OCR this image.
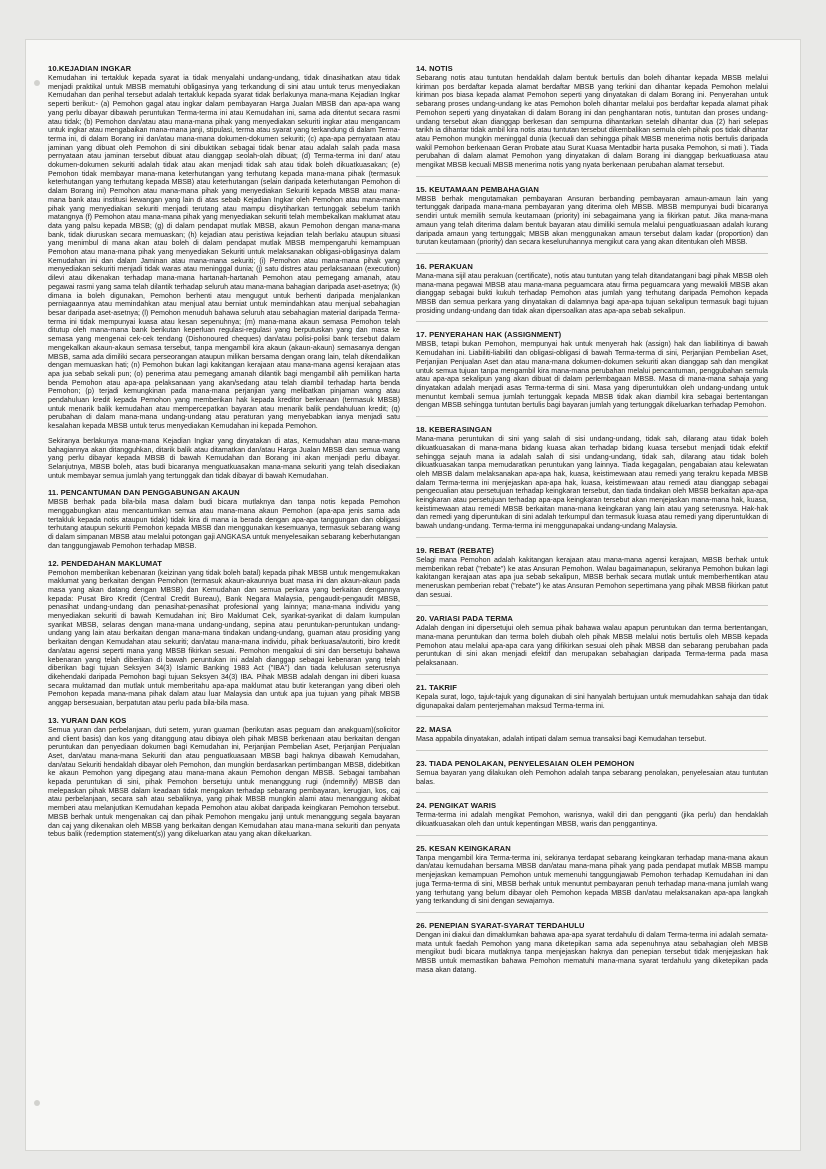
10.KEJADIAN INGKAR

Kemudahan ini tertakluk kepada syarat ia tidak menyalahi undang-undang, tidak dinasihatkan atau tidak menjadi praktikal untuk MBSB mematuhi obligasinya yang terkandung di sini atau untuk terus menyediakan Kemudahan dan perihal tersebut adalah tertakluk kepada syarat tidak berlakunya mana-mana Kejadian Ingkar seperti berikut:- (a) Pemohon gagal atau ingkar dalam pembayaran Harga Jualan MBSB dan apa-apa wang yang perlu dibayar dibawah peruntukan Terma-terma ini atau Kemudahan ini, sama ada ditentut secara rasmi atau tidak; (b) Pemohon dan/atau atau mana-mana pihak yang menyediakan sekuriti ingkar atau mengancam untuk ingkar atau mengabaikan mana-mana janji, stipulasi, terma atau syarat yang terkandung di dalam Terma-terma ini, di dalam Borang ini dan/atau mana-mana dokumen-dokumen sekuriti; (c) apa-apa pernyataan atau jaminan yang dibuat oleh Pemohon di sini dibuktikan sebagai tidak benar atau adalah salah pada masa pernyataan atau jaminan tersebut dibuat atau dianggap seolah-olah dibuat; (d) Terma-terma ini dan/ atau dokumen-dokumen sekuriti adalah tidak atau akan menjadi tidak sah atau tidak boleh dikuatkuasakan; (e) Pemohon tidak membayar mana-mana keterhutangan yang terhutang kepada mana-mana pihak (termasuk keterhutangan yang terhutang kepada MBSB) atau keterhutangan (selain daripada keterhutangan Pemohon di dalam Borang ini) Pemohon atau mana-mana pihak yang menyediakan Sekuriti kepada MBSB atau mana-mana bank atau institusi kewangan yang lain di atas sebab Kejadian Ingkar oleh Pemohon atau mana-mana pihak yang menyediakan sekuriti menjadi terutang atau mampu diisytiharkan tertunggak sebelum tarikh matangnya (f) Pemohon atau mana-mana pihak yang menyediakan sekuriti telah membekalkan maklumat atau data yang palsu kepada MBSB; (g) di dalam pendapat mutlak MBSB, akaun Pemohon dengan mana-mana bank, tidak diuruskan secara memuaskan; (h) kejadian atau peristiwa kejadian telah berlaku ataupun situasi yang menimbul di mana akan atau boleh di dalam pendapat mutlak MBSB mempengaruhi kemampuan Pemohon atau mana-mana pihak yang menyediakan Sekuriti untuk melaksanakan obligasi-obligasinya dalam Kemudahan ini dan dalam Jaminan atau mana-mana sekuriti; (i) Pemohon atau mana-mana pihak yang menyediakan sekuriti menjadi tidak waras atau meninggal dunia; (j) satu distres atau perlaksanaan (execution) dilevi atau dikenakan terhadap mana-mana hartanah-hartanah Pemohon atau pemegang amanah, atau pegawai rasmi yang sama telah dilantik terhadap seluruh atau mana-mana bahagian daripada aset-asetnya; (k) dimana ia boleh digunakan, Pemohon berhenti atau mengugut untuk berhenti daripada menjalankan perniagaannya atau memindahkan atau menjual atau berniat untuk memindahkan atau menjual sebahagian besar daripada aset-asetnya; (l) Pemohon menuduh bahawa seluruh atau sebahagian material daripada Terma-terma ini tidak mempunyai kuasa atau kesan sepenuhnya; (m) mana-mana akaun semasa Pemohon telah ditutup oleh mana-mana bank berikutan keperluan regulasi-regulasi yang berputuskan yang dan masa ke semasa yang mengenai cek-cek tendang (Dishonoured cheques) dan/atau polisi-polisi bank tersebut dalam mengekalkan akaun-akaun semasa tersebut, tanpa mengambil kira akaun (akaun-akaun) semasanya dengan MBSB, sama ada dimiliki secara perseorangan ataupun milikan bersama dengan orang lain, telah dikendalikan dengan memuaskan hati; (n) Pemohon bukan lagi kakitangan kerajaan atau mana-mana agensi kerajaan atas apa jua sebab sekali pun; (o) penerima atau pemegang amanah dilantik bagi mengambil alih pemilikan harta benda Pemohon atau apa-apa pelaksanaan yang akan/sedang atau telah diambil terhadap harta benda Pemohon; (p) terjadi kemungkinan pada mana-mana perjanjian yang melibatkan pinjaman wang atau pendahuluan kredit kepada Pemohon yang memberikan hak kepada kreditor berkenaan (termasuk MBSB) untuk menarik balik kemudahan atau mempercepatkan bayaran atau menarik balik pendahuluan kredit; (q) perubahan di dalam mana-mana undang-undang atau peraturan yang menyebabkan ianya menjadi satu kesalahan kepada MBSB untuk terus menyediakan Kemudahan ini kepada Pemohon.

Sekiranya berlakunya mana-mana Kejadian Ingkar yang dinyatakan di atas, Kemudahan atau mana-mana bahagiannya akan ditangguhkan, ditarik balik atau ditamatkan dan/atau Harga Jualan MBSB dan semua wang yang perlu dibayar kepada MBSB di bawah Kemudahan dan Borang ini akan menjadi perlu dibayar. Selanjutnya, MBSB boleh, atas budi bicaranya menguatkuasakan mana-mana sekuriti yang telah disediakan untuk membayar semua jumlah yang tertunggak dan tidak dibayar di bawah Kemudahan.

11. PENCANTUMAN DAN PENGGABUNGAN AKAUN

MBSB berhak pada bila-bila masa dalam budi bicara mutlaknya dan tanpa notis kepada Pemohon menggabungkan atau mencantumkan semua atau mana-mana akaun Pemohon (apa-apa jenis sama ada tertakluk kepada notis ataupun tidak) tidak kira di mana ia berada dengan apa-apa tanggungan dan obligasi terhutang ataupun sekuriti Pemohon kepada MBSB dan menggunakan kesemuanya, termasuk sebarang wang di dalam simpanan MBSB atau melalui potongan gaji ANGKASA untuk menyelesaikan sebarang keberhutangan dan tanggungjawab Pemohon terhadap MBSB.

12. PENDEDAHAN MAKLUMAT

Pemohon memberikan kebenaran (keizinan yang tidak boleh batal) kepada pihak MBSB untuk mengemukakan maklumat yang berkaitan dengan Pemohon (termasuk akaun-akaunnya buat masa ini dan akaun-akaun pada masa yang akan datang dengan MBSB) dan Kemudahan dan semua perkara yang berkaitan dengannya kepada: Pusat Biro Kredit (Central Credit Bureau), Bank Negara Malaysia, pengaudit-pengaudit MBSB, penasihat undang-undang dan penasihat-penasihat profesional yang lainnya; mana-mana individu yang menyediakan sekuriti di bawah Kemudahan ini; Biro Maklumat Cek, syarikat-syarikat di dalam kumpulan syarikat MBSB, selaras dengan mana-mana undang-undang, sepina atau peruntukan-peruntukan undang-undang yang lain atau berkaitan dengan mana-mana tindakan undang-undang, guaman atau prosiding yang berkaitan dengan Kemudahan atau sekuriti; dan/atau mana-mana individu, pihak berkuasa/autoriti, biro kredit dan/atau agensi seperti mana yang MBSB fikirkan sesuai. Pemohon mengakui di sini dan bersetuju bahawa kebenaran yang telah diberikan di bawah peruntukan ini adalah dianggap sebagai kebenaran yang telah diberikan bagi tujuan Seksyen 34(3) Islamic Banking 1983 Act ("IBA") dan tiada kelulusan seterusnya dikehendaki daripada Pemohon bagi tujuan Seksyen 34(3) IBA. Pihak MBSB adalah dengan ini diberi kuasa secara muktamad dan mutlak untuk memberitahu apa-apa maklumat atau butir keterangan yang diberi oleh Pemohon kepada mana-mana pihak dalam atau luar Malaysia dan untuk apa jua tujuan yang pihak MBSB anggap bersesuaian, berpatutan atau perlu pada bila-bila masa.

13. YURAN DAN KOS

Semua yuran dan perbelanjaan, duti setem, yuran guaman (berikutan asas peguam dan anakguam)(solicitor and client basis) dan kos yang ditanggung atau dibiaya oleh pihak MBSB berkenaan atau berkaitan dengan peruntukan dan penyediaan dokumen bagi Kemudahan ini, Perjanjian Pembelian Aset, Perjanjian Penjualan Aset, dan/atau mana-mana Sekuriti dan atau penguatkuasaan MBSB bagi haknya dibawah Kemudahan, dan/atau Sekuriti hendaklah dibayar oleh Pemohon, dan mungkin berdasarkan pertimbangan MBSB, didebitkan ke akaun Pemohon yang dipegang atau mana-mana akaun Pemohon dengan MBSB. Sebagai tambahan kepada peruntukan di sini, pihak Pemohon bersetuju untuk menanggung rugi (indemnify) MBSB dan melepaskan pihak MBSB dalam keadaan tidak mengakan terhadap sebarang pembayaran, kerugian, kos, caj atau perbelanjaan, secara sah atau sebaliknya, yang pihak MBSB mungkin alami atau menanggung akibat memberi atau melanjutkan Kemudahan kepada Pemohon atau akibat daripada keingkaran Pemohon tersebut. MBSB berhak untuk mengenakan caj dan pihak Pemohon mengaku janji untuk menanggung segala bayaran dan caj yang dikenakan oleh MBSB yang berkaitan dengan Kemudahan atau mana-mana sekuriti dan penyata tebus balik (redemption statement(s)) yang dikeluarkan atau yang akan dikeluarkan.

14. NOTIS

Sebarang notis atau tuntutan hendaklah dalam bentuk bertulis dan boleh dihantar kepada MBSB melalui kiriman pos berdaftar kepada alamat berdaftar MBSB yang terkini dan dihantar kepada Pemohon melalui kiriman pos biasa kepada alamat Pemohon seperti yang dinyatakan di dalam Borang ini. Penyerahan untuk sebarang proses undang-undang ke atas Pemohon boleh dihantar melalui pos berdaftar kepada alamat pihak Pemohon seperti yang dinyatakan di dalam Borang ini dan penghantaran notis, tuntutan dan proses undang-undang tersebut akan dianggap berkesan dan sempurna dihantarkan setelah dihantar dua (2) hari selepas tarikh ia dihantar tidak ambil kira notis atau tuntutan tersebut dikembalikan semula oleh pihak pos tidak dihantar atau Pemohon mungkin meninggal dunia (kecuali dan sehingga pihak MBSB menerima notis bertulis daripada wakil Pemohon berkenaan Geran Probate atau Surat Kuasa Mentadbir harta pusaka Pemohon, si mati ). Tiada perubahan di dalam alamat Pemohon yang dinyatakan di dalam Borang ini dianggap berkuatkuasa atau mengikat MBSB kecuali MBSB menerima notis yang nyata berkenaan perubahan alamat tersebut.

15. KEUTAMAAN PEMBAHAGIAN

MBSB berhak mengutamakan pembayaran Ansuran berbanding pembayaran amaun-amaun lain yang tertunggak daripada mana-mana pembayaran yang diterima oleh MBSB. MBSB mempunyai budi bicaranya sendiri untuk memilih semula keutamaan (priority) ini sebagaimana yang ia fikirkan patut. Jika mana-mana amaun yang telah diterima dalam bentuk bayaran atau dimiliki semula melalui penguatkuasaan adalah kurang daripada amaun yang tertunggak; MBSB akan menggunakan amaun tersebut dalam kadar (proportion) dan turutan keutamaan (priority) dan secara keseluruhannya mengikut cara yang akan ditentukan oleh MBSB.

16. PERAKUAN

Mana-mana sijil atau perakuan (certificate), notis atau tuntutan yang telah ditandatangani bagi pihak MBSB oleh mana-mana pegawai MBSB atau mana-mana peguamcara atau firma peguamcara yang mewakili MBSB akan dianggap sebagai bukti kukuh terhadap Pemohon atas jumlah yang terhutang daripada Pemohon kepada MBSB dan semua perkara yang dinyatakan di dalamnya bagi apa-apa tujuan sekalipun termasuk bagi tujuan prosiding undang-undang dan tidak akan dipersoalkan atas apa-apa sebab sekalipun.

17. PENYERAHAN HAK (ASSIGNMENT)

MBSB, tetapi bukan Pemohon, mempunyai hak untuk menyerah hak (assign) hak dan liabilitinya di bawah Kemudahan ini. Liabiliti-liabiliti dan obligasi-obligasi di bawah Terma-terma di sini, Perjanjian Pembelian Aset, Perjanjian Penjualan Aset dan atau mana-mana dokumen-dokumen sekuriti akan dianggap sah dan mengikat untuk semua tujuan tanpa mengambil kira mana-mana perubahan melalui pencantuman, penggubahan semula atau apa-apa sekalipun yang akan dibuat di dalam perlembagaan MBSB. Masa di mana-mana sahaja yang dinyatakan adalah menjadi asas Terma-terma di sini. Masa yang diperuntukkan oleh undang-undang untuk menuntut kembali semua jumlah tertunggak kepada MBSB tidak akan diambil kira sebagai bertentangan dengan MBSB sehingga tuntutan bertulis bagi bayaran jumlah yang tertunggak dikeluarkan terhadap Pemohon.

18. KEBERASINGAN

Mana-mana peruntukan di sini yang salah di sisi undang-undang, tidak sah, dilarang atau tidak boleh dikuatkuasakan di mana-mana bidang kuasa akan terhadap bidang kuasa tersebut menjadi tidak efektif sehingga sejauh mana ia adalah salah di sisi undang-undang, tidak sah, dilarang atau tidak boleh dikuatkuasakan tanpa memudaratkan peruntukan yang lainnya. Tiada kegagalan, pengabaian atau kelewatan oleh MBSB dalam melaksanakan apa-apa hak, kuasa, keistimewaan atau remedi yang terakru kepada MBSB dalam Terma-terma ini menjejaskan apa-apa hak, kuasa, keistimewaan atau remedi atau dianggap sebagai pengecualian atau persetujuan terhadap keingkaran tersebut, dan tiada tindakan oleh MBSB berkaitan apa-apa keingkaran atau persetujuan terhadap apa-apa keingkaran tersebut akan menjejaskan mana-mana hak, kuasa, keistimewaan atau remedi MBSB berkaitan mana-mana keingkaran yang lain atau yang seterusnya. Hak-hak dan remedi yang diperuntukan di sini adalah terkumpul dan termasuk kuasa atau remedi yang diperuntukkan di bawah undang-undang. Terma-terma ini menggunapakai undang-undang Malaysia.

19. REBAT (REBATE)

Selagi mana Pemohon adalah kakitangan kerajaan atau mana-mana agensi kerajaan, MBSB berhak untuk memberikan rebat ("rebate") ke atas Ansuran Pemohon. Walau bagaimanapun, sekiranya Pemohon bukan lagi kakitangan kerajaan atas apa jua sebab sekalipun, MBSB berhak secara mutlak untuk memberhentikan atau meneruskan pemberian rebat ("rebate") ke atas Ansuran Pemohon sepertimana yang pihak MBSB fikirkan patut dan sesuai.

20. VARIASI PADA TERMA

Adalah dengan ini dipersetujui oleh semua pihak bahawa walau apapun peruntukan dan terma bertentangan, mana-mana peruntukan dan terma boleh diubah oleh pihak MBSB melalui notis bertulis oleh MBSB kepada Pemohon atau melalui apa-apa cara yang difikirkan sesuai oleh pihak MBSB dan sebarang perubahan pada peruntukan di sini akan menjadi efektif dan merupakan sebahagian daripada Terma-terma pada masa pelaksanaan.

21. TAKRIF

Kepala surat, logo, tajuk-tajuk yang digunakan di sini hanyalah bertujuan untuk memudahkan sahaja dan tidak digunapakai dalam penterjemahan maksud Terma-terma ini.

22. MASA

Masa appabila dinyatakan, adalah intipati dalam semua transaksi bagi Kemudahan tersebut.

23. TIADA PENOLAKAN, PENYELESAIAN OLEH PEMOHON

Semua bayaran yang dilakukan oleh Pemohon adalah tanpa sebarang penolakan, penyelesaian atau tuntutan balas.

24. PENGIKAT WARIS

Terma-terma ini adalah mengikat Pemohon, warisnya, wakil diri dan pengganti (jika perlu) dan hendaklah dikuatkuasakan oleh dan untuk kepentingan MBSB, waris dan penggantinya.

25. KESAN KEINGKARAN

Tanpa mengambil kira Terma-terma ini, sekiranya terdapat sebarang keingkaran terhadap mana-mana akaun dan/atau kemudahan bersama MBSB dan/atau mana-mana pihak yang pada pendapat mutlak MBSB mampu menjejaskan kemampuan Pemohon untuk memenuhi tanggungjawab Pemohon terhadap Kemudahan ini dan juga Terma-terma di sini, MBSB berhak untuk menuntut pembayaran penuh terhadap mana-mana jumlah wang yang terhutang yang belum dibayar oleh Pemohon kepada MBSB dan/atau melaksanakan apa-apa langkah yang terkandung di sini dengan sewajarnya.

26. PENEPIAN SYARAT-SYARAT TERDAHULU

Dengan ini diakui dan dimaklumkan bahawa apa-apa syarat terdahulu di dalam Terma-terma ini adalah semata-mata untuk faedah Pemohon yang mana diketepikan sama ada sepenuhnya atau sebahagian oleh MBSB mengikut budi bicara mutlaknya tanpa menjejaskan haknya dan penepian tersebut tidak menjejaskan hak MBSB untuk memastikan bahawa Pemohon mematuhi mana-mana syarat terdahulu yang diketepikan pada masa akan datang.
